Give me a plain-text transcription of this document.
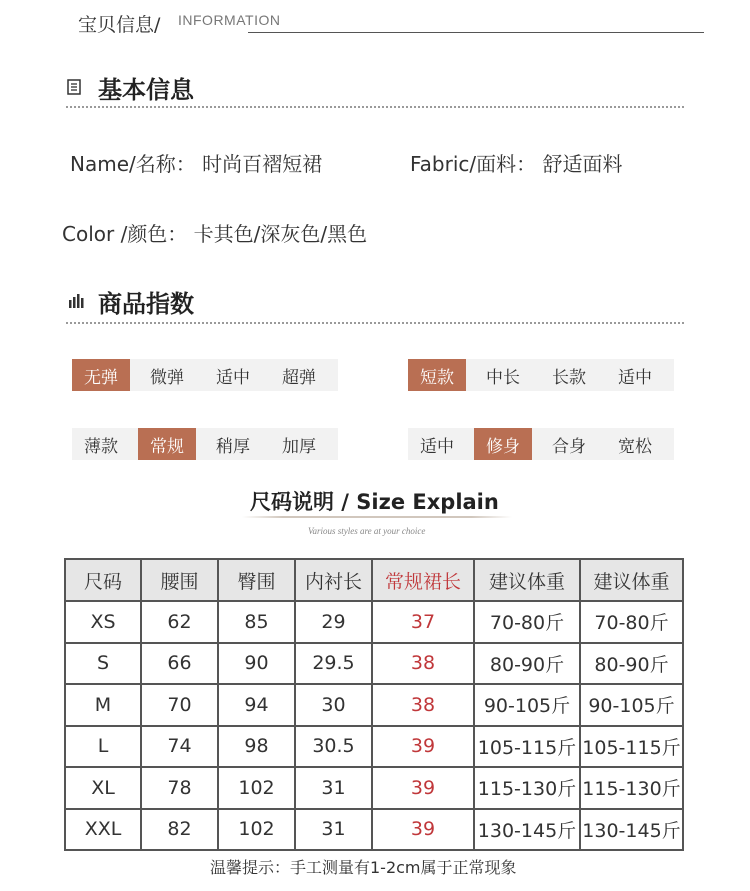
宝贝信息/ INFORMATION
基本信息
Name/名称： 时尚百褶短裙	Fabric/面料： 舒适面料
Color /颜色： 卡其色/深灰色/黑色
商品指数
无弹	微弹	适中	超弹	短款	中长	长款	适中
薄款	常规	稍厚	加厚	适中	修身	合身	宽松
尺码说明 / Size Explain
Various styles are at your choice
尺码	腰围	臀围	内衬长	常规裙长	建议体重	建议体重
XS	62	85	29	37	70-80斤	70-80斤
S	66	90	29.5	38	80-90斤	80-90斤
M	70	94	30	38	90-105斤	90-105斤
L	74	98	30.5	39	105-115斤	105-115斤
XL	78	102	31	39	115-130斤	115-130斤
XXL	82	102	31	39	130-145斤	130-145斤
温馨提示：手工测量有1-2cm属于正常现象
